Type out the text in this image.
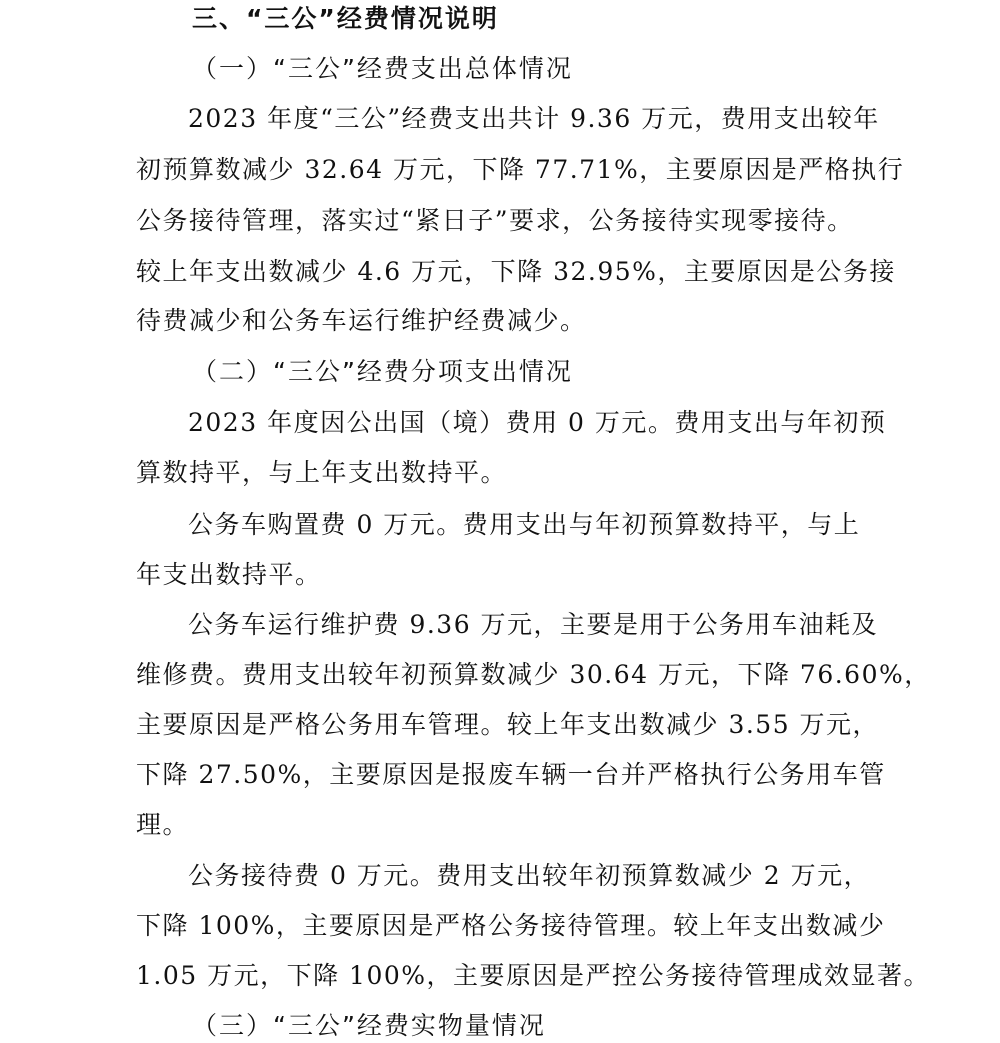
三、“三公”经费情况说明
（一）“三公”经费支出总体情况
2023 年度“三公”经费支出共计 9.36 万元，费用支出较年
初预算数减少 32.64 万元，下降 77.71%，主要原因是严格执行
公务接待管理，落实过“紧日子”要求，公务接待实现零接待。
较上年支出数减少 4.6 万元，下降 32.95%，主要原因是公务接
待费减少和公务车运行维护经费减少。
（二）“三公”经费分项支出情况
2023 年度因公出国（境）费用 0 万元。费用支出与年初预
算数持平，与上年支出数持平。
公务车购置费 0 万元。费用支出与年初预算数持平，与上
年支出数持平。
公务车运行维护费 9.36 万元，主要是用于公务用车油耗及
维修费。费用支出较年初预算数减少 30.64 万元，下降 76.60%，
主要原因是严格公务用车管理。较上年支出数减少 3.55 万元，
下降 27.50%，主要原因是报废车辆一台并严格执行公务用车管
理。
公务接待费 0 万元。费用支出较年初预算数减少 2 万元，
下降 100%，主要原因是严格公务接待管理。较上年支出数减少
1.05 万元，下降 100%，主要原因是严控公务接待管理成效显著。
（三）“三公”经费实物量情况
